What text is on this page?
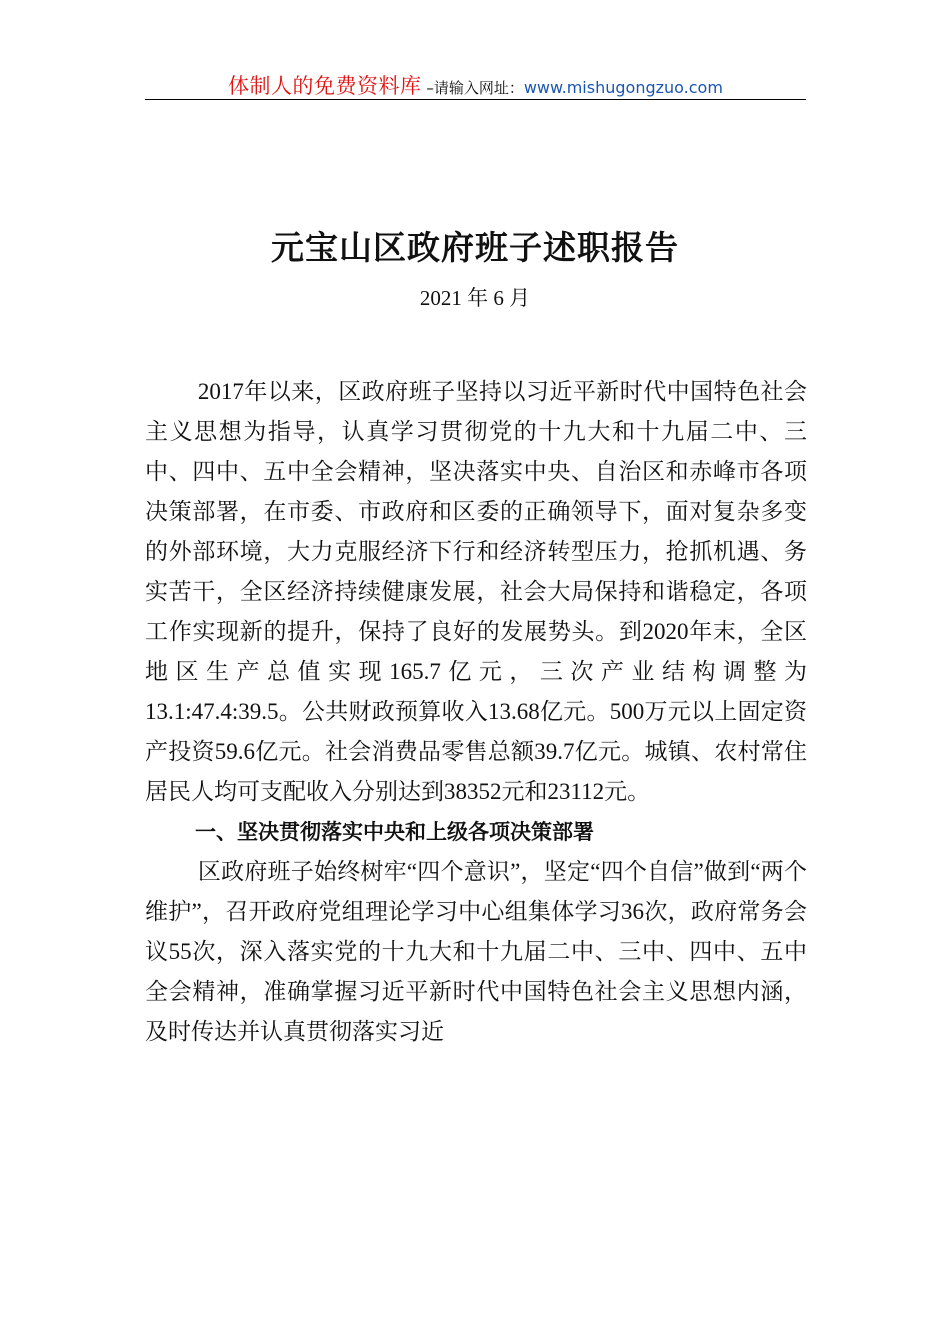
体制人的免费资料库 –请输入网址：www.mishugongzuo.com
元宝山区政府班子述职报告
2021 年 6 月

2017年以来，区政府班子坚持以习近平新时代中国特色社会主义思想为指导，认真学习贯彻党的十九大和十九届二中、三中、四中、五中全会精神，坚决落实中央、自治区和赤峰市各项决策部署，在市委、市政府和区委的正确领导下，面对复杂多变的外部环境，大力克服经济下行和经济转型压力，抢抓机遇、务实苦干，全区经济持续健康发展，社会大局保持和谐稳定，各项工作实现新的提升，保持了良好的发展势头。到2020年末，全区地区生产总值实现165.7亿元，三次产业结构调整为13.1:47.4:39.5。公共财政预算收入13.68亿元。500万元以上固定资产投资59.6亿元。社会消费品零售总额39.7亿元。城镇、农村常住居民人均可支配收入分别达到38352元和23112元。

一、坚决贯彻落实中央和上级各项决策部署

区政府班子始终树牢“四个意识”，坚定“四个自信”做到“两个维护”，召开政府党组理论学习中心组集体学习36次，政府常务会议55次，深入落实党的十九大和十九届二中、三中、四中、五中全会精神，准确掌握习近平新时代中国特色社会主义思想内涵，及时传达并认真贯彻落实习近
